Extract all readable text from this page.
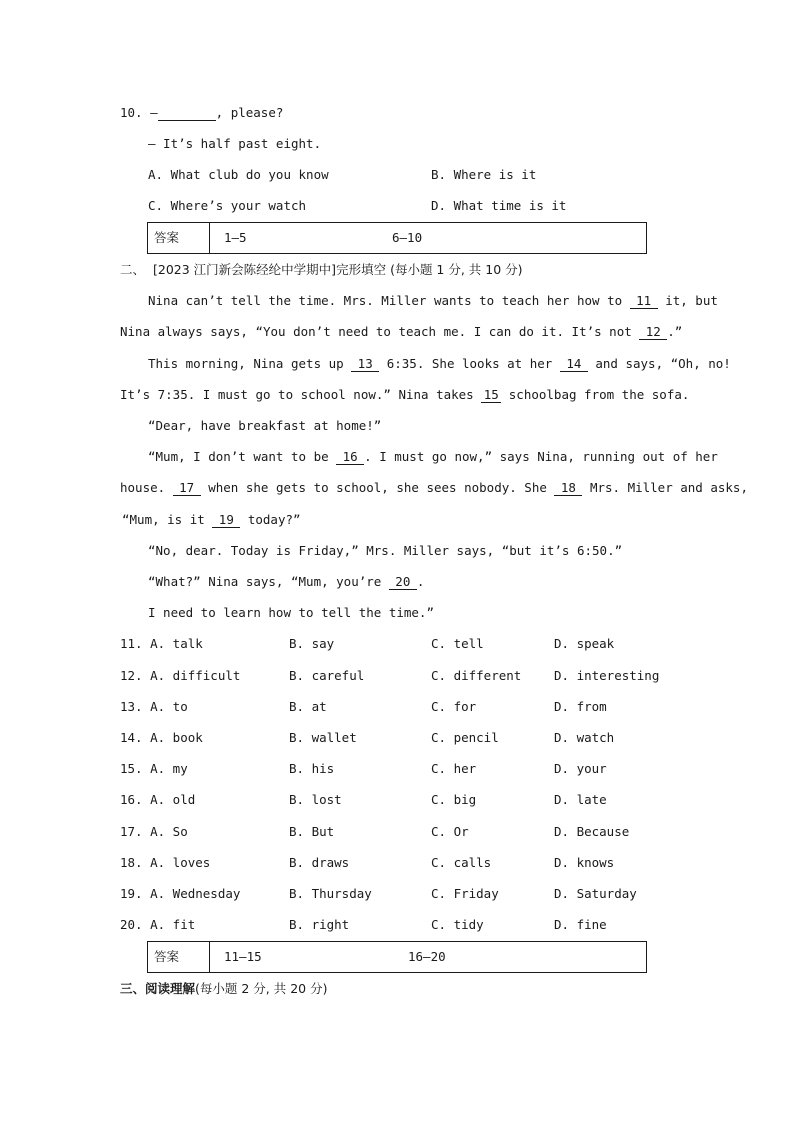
10. —	, please?
— It’s half past eight.
A. What club do you know	B. Where is it
C. Where’s your watch	D. What time is it
答案	1—5	6—10
二、 [2023 江门新会陈经纶中学期中]完形填空 (每小题 1 分, 共 10 分)
Nina can’t tell the time. Mrs. Miller wants to teach her how to 11 it, but
Nina always says, “You don’t need to teach me. I can do it. It’s not 12 .”
This morning, Nina gets up 13 6:35. She looks at her 14 and says, “Oh, no!
It’s 7:35. I must go to school now.” Nina takes 15 schoolbag from the sofa.
“Dear, have breakfast at home!”
“Mum, I don’t want to be 16 . I must go now,” says Nina, running out of her
house. 17 when she gets to school, she sees nobody. She 18 Mrs. Miller and asks,
“Mum, is it 19 today?”
“No, dear. Today is Friday,” Mrs. Miller says, “but it’s 6:50.”
“What?” Nina says, “Mum, you’re 20 .
I need to learn how to tell the time.”
11. A. talk	B. say	C. tell	D. speak
12. A. difficult	B. careful	C. different	D. interesting
13. A. to	B. at	C. for	D. from
14. A. book	B. wallet	C. pencil	D. watch
15. A. my	B. his	C. her	D. your
16. A. old	B. lost	C. big	D. late
17. A. So	B. But	C. Or	D. Because
18. A. loves	B. draws	C. calls	D. knows
19. A. Wednesday	B. Thursday	C. Friday	D. Saturday
20. A. fit	B. right	C. tidy	D. fine
答案	11—15	16—20
三、阅读理解(每小题 2 分, 共 20 分)
